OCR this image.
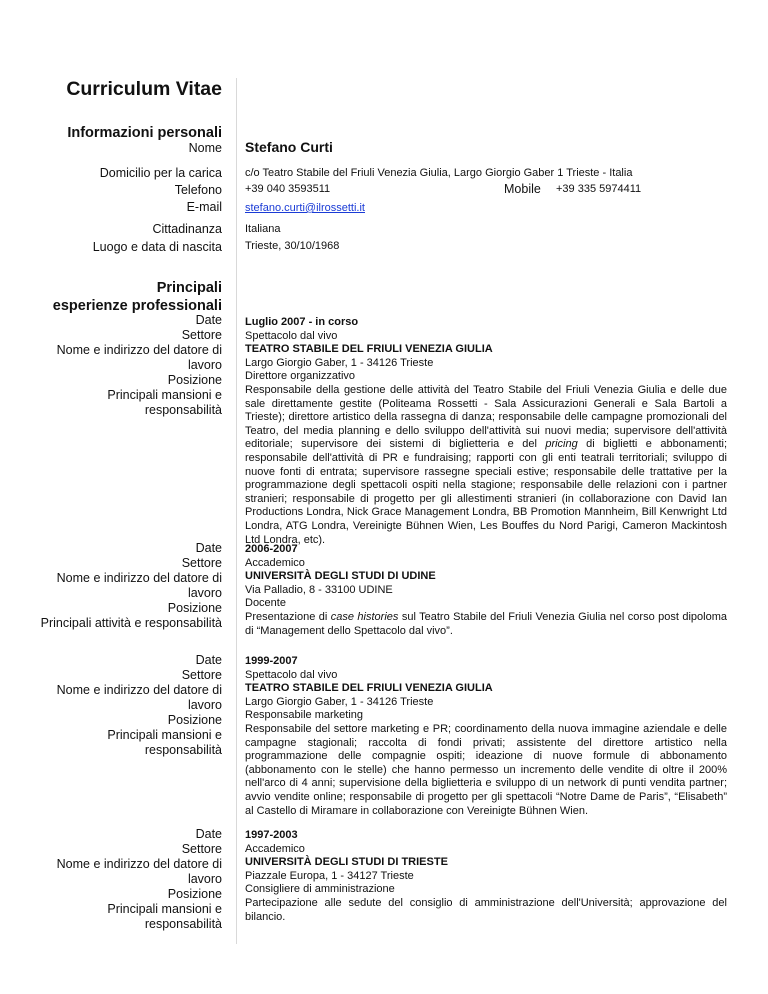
Curriculum Vitae
Informazioni personali
Nome Stefano Curti
Domicilio per la carica c/o Teatro Stabile del Friuli Venezia Giulia, Largo Giorgio Gaber 1 Trieste - Italia
Telefono +39 040 3593511	Mobile +39 335 5974411
E-mail stefano.curti@ilrossetti.it
Cittadinanza Italiana
Luogo e data di nascita Trieste, 30/10/1968
Principali
esperienze professionali
Date
Settore
Nome e indirizzo del datore di
lavoro
Posizione
Principali mansioni e
responsabilità
Luglio 2007 - in corso
Spettacolo dal vivo
TEATRO STABILE DEL FRIULI VENEZIA GIULIA
Largo Giorgio Gaber, 1 - 34126 Trieste
Direttore organizzativo
Responsabile della gestione delle attività del Teatro Stabile del Friuli Venezia Giulia e delle due sale direttamente gestite (Politeama Rossetti - Sala Assicurazioni Generali e Sala Bartoli a Trieste); direttore artistico della rassegna di danza; responsabile delle campagne promozionali del Teatro, del media planning e dello sviluppo dell'attività sui nuovi media; supervisore dell'attività editoriale; supervisore dei sistemi di biglietteria e del pricing di biglietti e abbonamenti; responsabile dell'attività di PR e fundraising; rapporti con gli enti teatrali territoriali; sviluppo di nuove fonti di entrata; supervisore rassegne speciali estive; responsabile delle trattative per la programmazione degli spettacoli ospiti nella stagione; responsabile delle relazioni con i partner stranieri; responsabile di progetto per gli allestimenti stranieri (in collaborazione con David Ian Productions Londra, Nick Grace Management Londra, BB Promotion Mannheim, Bill Kenwright Ltd Londra, ATG Londra, Vereinigte Bühnen Wien, Les Bouffes du Nord Parigi, Cameron Mackintosh Ltd Londra, etc).
Date
Settore
Nome e indirizzo del datore di
lavoro
Posizione
Principali attività e responsabilità
2006-2007
Accademico
UNIVERSITÀ DEGLI STUDI DI UDINE
Via Palladio, 8 - 33100 UDINE
Docente
Presentazione di case histories sul Teatro Stabile del Friuli Venezia Giulia nel corso post dipoloma di “Management dello Spettacolo dal vivo”.
Date
Settore
Nome e indirizzo del datore di
lavoro
Posizione
Principali mansioni e
responsabilità
1999-2007
Spettacolo dal vivo
TEATRO STABILE DEL FRIULI VENEZIA GIULIA
Largo Giorgio Gaber, 1 - 34126 Trieste
Responsabile marketing
Responsabile del settore marketing e PR; coordinamento della nuova immagine aziendale e delle campagne stagionali; raccolta di fondi privati; assistente del direttore artistico nella programmazione delle compagnie ospiti; ideazione di nuove formule di abbonamento (abbonamento con le stelle) che hanno permesso un incremento delle vendite di oltre il 200% nell'arco di 4 anni; supervisione della biglietteria e sviluppo di un network di punti vendita partner; avvio vendite online; responsabile di progetto per gli spettacoli “Notre Dame de Paris”, “Elisabeth” al Castello di Miramare in collaborazione con Vereinigte Bühnen Wien.
Date
Settore
Nome e indirizzo del datore di
lavoro
Posizione
Principali mansioni e
responsabilità
1997-2003
Accademico
UNIVERSITÀ DEGLI STUDI DI TRIESTE
Piazzale Europa, 1 - 34127 Trieste
Consigliere di amministrazione
Partecipazione alle sedute del consiglio di amministrazione dell'Università; approvazione del bilancio.
